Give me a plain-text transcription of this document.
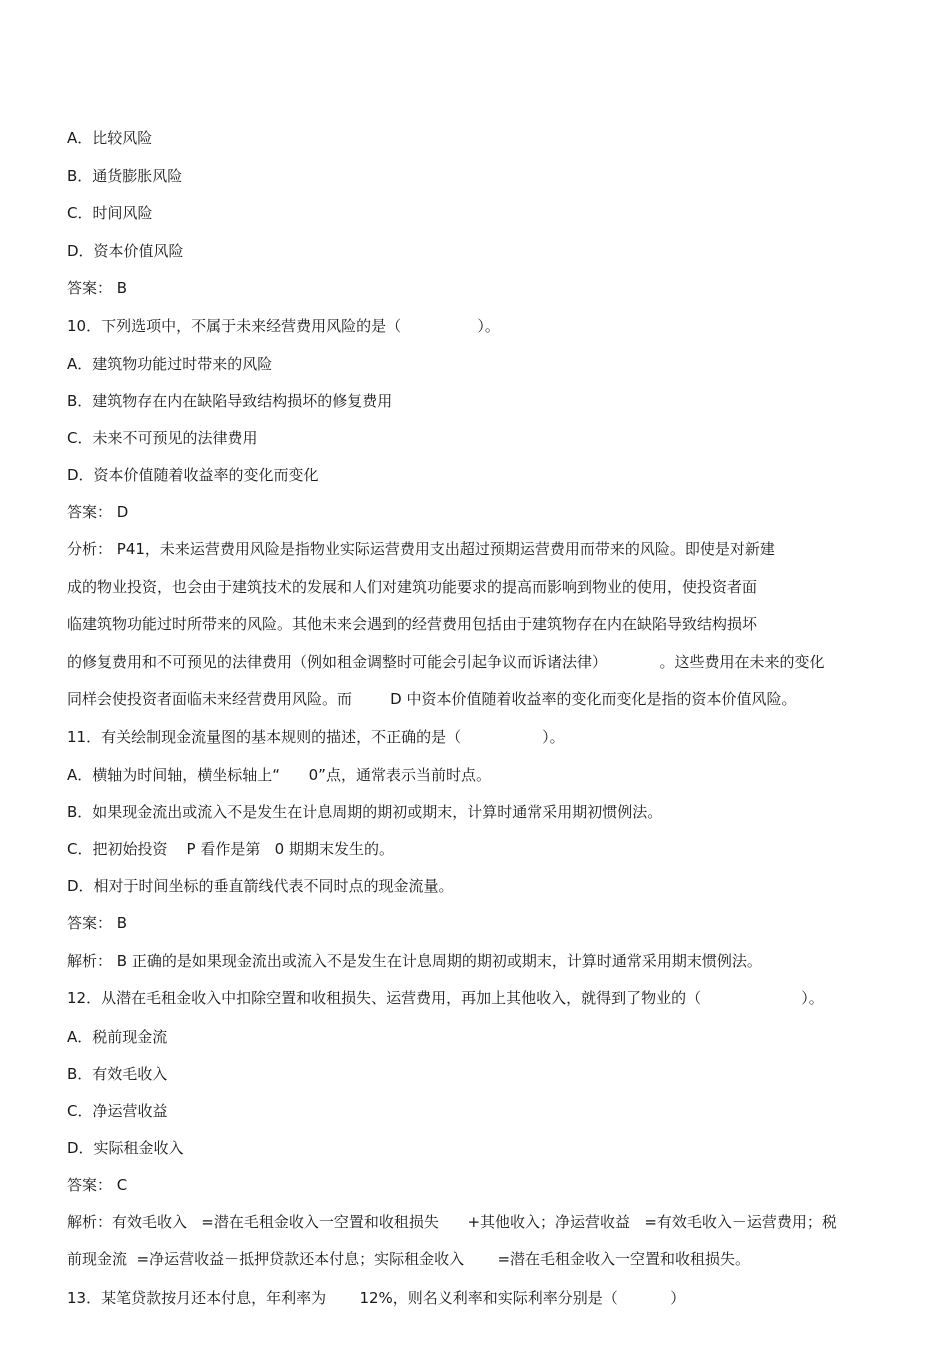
A．比较风险
B．通货膨胀风险
C．时间风险
D．资本价值风险
答案： B
10．下列选项中，不属于未来经营费用风险的是（                ）。
A．建筑物功能过时带来的风险
B．建筑物存在内在缺陷导致结构损坏的修复费用
C．未来不可预见的法律费用
D．资本价值随着收益率的变化而变化
答案： D
分析： P41，未来运营费用风险是指物业实际运营费用支出超过预期运营费用而带来的风险。即使是对新建
成的物业投资，也会由于建筑技术的发展和人们对建筑功能要求的提高而影响到物业的使用，使投资者面
临建筑物功能过时所带来的风险。其他未来会遇到的经营费用包括由于建筑物存在内在缺陷导致结构损坏
的修复费用和不可预见的法律费用（例如租金调整时可能会引起争议而诉诸法律）           。这些费用在未来的变化
同样会使投资者面临未来经营费用风险。而        D 中资本价值随着收益率的变化而变化是指的资本价值风险。
11．有关绘制现金流量图的基本规则的描述，不正确的是（                 ）。
A．横轴为时间轴，横坐标轴上“      0”点，通常表示当前时点。
B．如果现金流出或流入不是发生在计息周期的期初或期末，计算时通常采用期初惯例法。
C．把初始投资    P 看作是第   0 期期末发生的。
D．相对于时间坐标的垂直箭线代表不同时点的现金流量。
答案： B
解析： B 正确的是如果现金流出或流入不是发生在计息周期的期初或期末，计算时通常采用期末惯例法。
12．从潜在毛租金收入中扣除空置和收租损失、运营费用，再加上其他收入，就得到了物业的（                     ）。
A．税前现金流
B．有效毛收入
C．净运营收益
D．实际租金收入
答案： C
解析：有效毛收入   =潜在毛租金收入一空置和收租损失      +其他收入；净运营收益   =有效毛收入－运营费用；税
前现金流  =净运营收益－抵押贷款还本付息；实际租金收入       =潜在毛租金收入一空置和收租损失。
13．某笔贷款按月还本付息，年利率为       12%，则名义利率和实际利率分别是（           ）
